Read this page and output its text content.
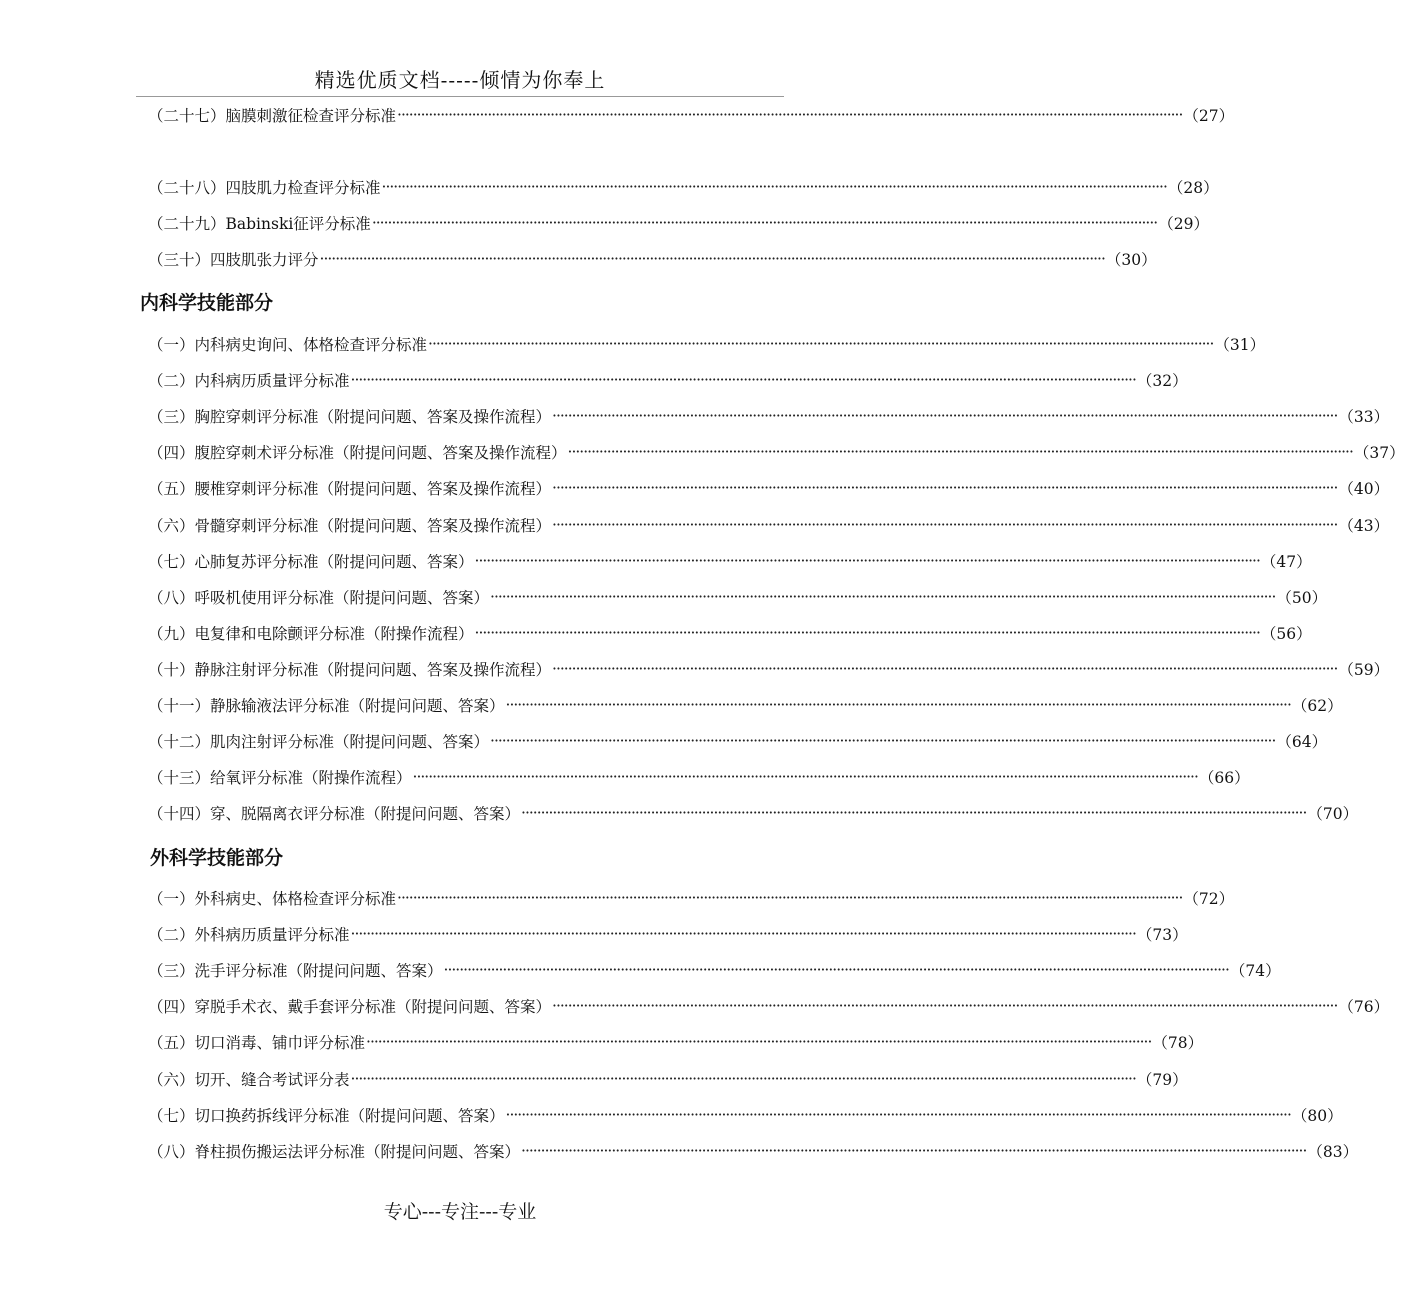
精选优质文档-----倾情为你奉上
内科学技能部分
外科学技能部分
（二十七）脑膜刺激征检查评分标准 ········································································································································································································ （27）
（二十八）四肢肌力检查评分标准 ········································································································································································································ （28）
（二十九）Babinski征评分标准 ········································································································································································································ （29）
（三十）四肢肌张力评分 ········································································································································································································ （30）
（一）内科病史询问、体格检查评分标准 ········································································································································································································ （31）
（二）内科病历质量评分标准 ········································································································································································································ （32）
（三）胸腔穿刺评分标准（附提问问题、答案及操作流程） ········································································································································································································ （33）
（四）腹腔穿刺术评分标准（附提问问题、答案及操作流程） ········································································································································································································ （37）
（五）腰椎穿刺评分标准（附提问问题、答案及操作流程） ········································································································································································································ （40）
（六）骨髓穿刺评分标准（附提问问题、答案及操作流程） ········································································································································································································ （43）
（七）心肺复苏评分标准（附提问问题、答案） ········································································································································································································ （47）
（八）呼吸机使用评分标准（附提问问题、答案） ········································································································································································································ （50）
（九）电复律和电除颤评分标准（附操作流程） ········································································································································································································ （56）
（十）静脉注射评分标准（附提问问题、答案及操作流程） ········································································································································································································ （59）
（十一）静脉输液法评分标准（附提问问题、答案） ········································································································································································································ （62）
（十二）肌肉注射评分标准（附提问问题、答案） ········································································································································································································ （64）
（十三）给氧评分标准（附操作流程） ········································································································································································································ （66）
（十四）穿、脱隔离衣评分标准（附提问问题、答案） ········································································································································································································ （70）
（一）外科病史、体格检查评分标准 ········································································································································································································ （72）
（二）外科病历质量评分标准 ········································································································································································································ （73）
（三）洗手评分标准（附提问问题、答案） ········································································································································································································ （74）
（四）穿脱手术衣、戴手套评分标准（附提问问题、答案） ········································································································································································································ （76）
（五）切口消毒、铺巾评分标准 ········································································································································································································ （78）
（六）切开、缝合考试评分表 ········································································································································································································ （79）
（七）切口换药拆线评分标准（附提问问题、答案） ········································································································································································································ （80）
（八）脊柱损伤搬运法评分标准（附提问问题、答案） ········································································································································································································ （83）
专心---专注---专业
